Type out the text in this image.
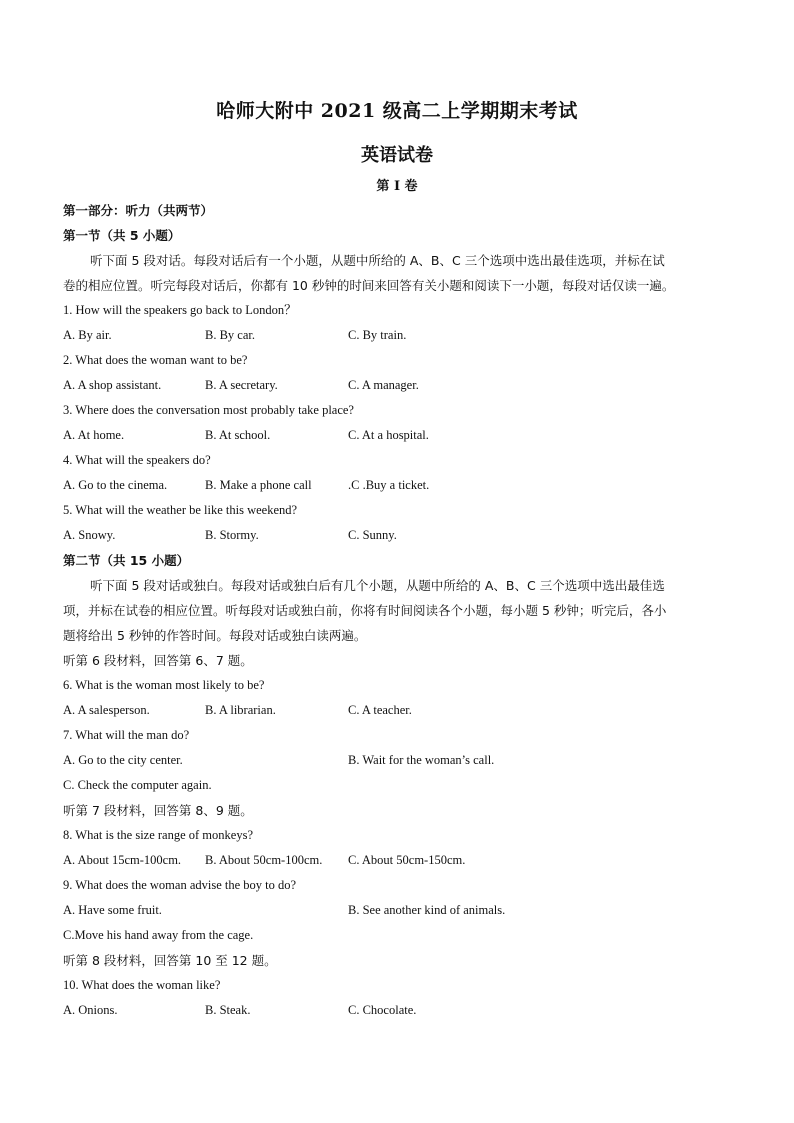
哈师大附中 2021 级高二上学期期末考试
英语试卷
第 I 卷
第一部分：听力（共两节）
第一节（共 5 小题）
听下面 5 段对话。每段对话后有一个小题，从题中所给的 A、B、C 三个选项中选出最佳选项，并标在试
卷的相应位置。听完每段对话后，你都有 10 秒钟的时间来回答有关小题和阅读下一小题，每段对话仅读一遍。
1. How will the speakers go back to London？
A. By air.	B. By car.	C. By train.
2. What does the woman want to be?
A. A shop assistant.	B. A secretary.	C. A manager.
3. Where does the conversation most probably take place?
A. At home.	B. At school.	C. At a hospital.
4. What will the speakers do?
A. Go to the cinema.	B. Make a phone call	.C .Buy a ticket.
5. What will the weather be like this weekend?
A. Snowy.	B. Stormy.	C. Sunny.
第二节（共 15 小题）
听下面 5 段对话或独白。每段对话或独白后有几个小题，从题中所给的 A、B、C 三个选项中选出最佳选
项，并标在试卷的相应位置。听每段对话或独白前，你将有时间阅读各个小题，每小题 5 秒钟；听完后，各小
题将给出 5 秒钟的作答时间。每段对话或独白读两遍。
听第 6 段材料，回答第 6、7 题。
6. What is the woman most likely to be?
A. A salesperson.	B. A librarian.	C. A teacher.
7. What will the man do?
A. Go to the city center.	B. Wait for the woman’s call.
C. Check the computer again.
听第 7 段材料，回答第 8、9 题。
8. What is the size range of monkeys?
A. About 15cm-100cm. B. About 50cm-100cm. C. About 50cm-150cm.
9. What does the woman advise the boy to do?
A. Have some fruit.	B. See another kind of animals.
C.Move his hand away from the cage.
听第 8 段材料，回答第 10 至 12 题。
10. What does the woman like?
A. Onions.	B. Steak.	C. Chocolate.
